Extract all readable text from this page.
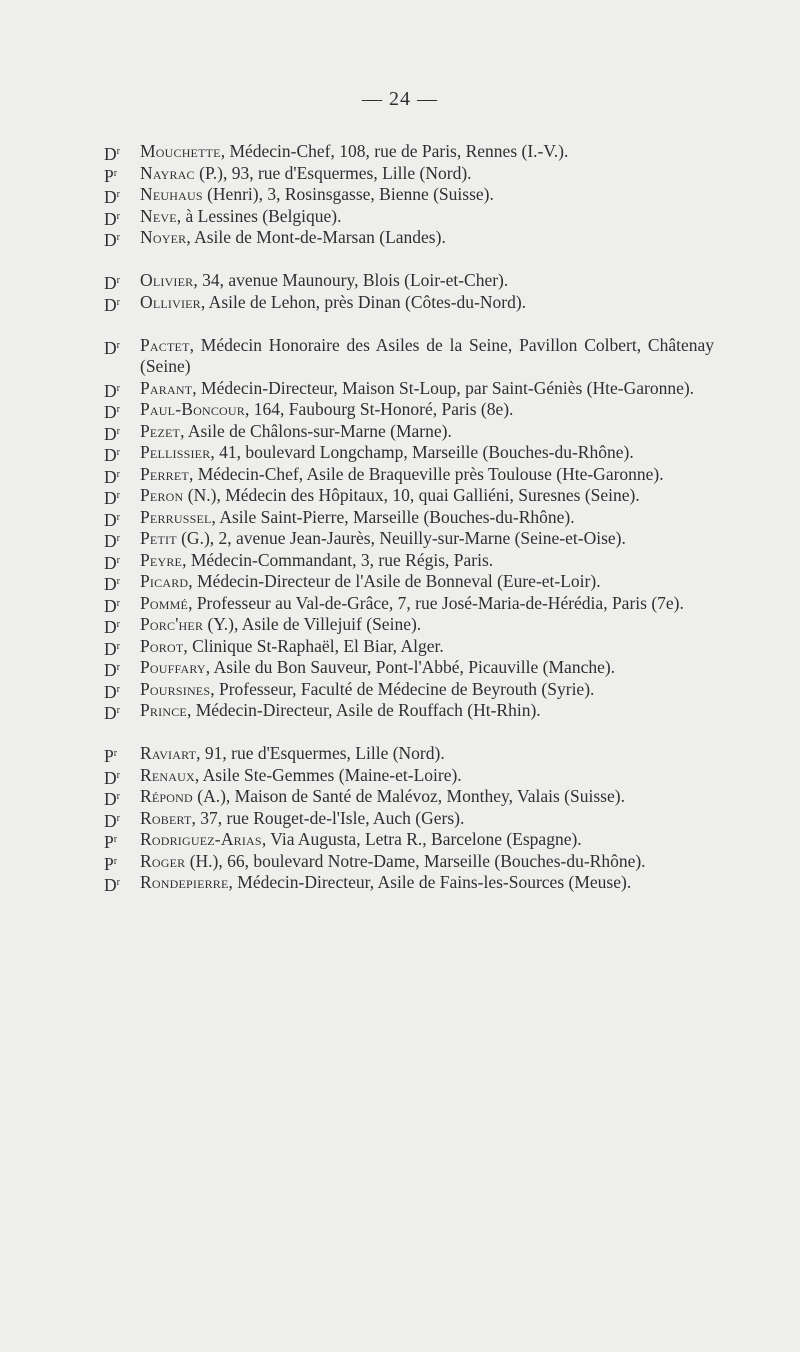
— 24 —
$D^r$ Mouchette, Médecin-Chef, 108, rue de Paris, Rennes (I.-V.).
$P^r$ Nayrac (P.), 93, rue d'Esquermes, Lille (Nord).
$D^r$ Neuhaus (Henri), 3, Rosinsgasse, Bienne (Suisse).
$D^r$ Neve, à Lessines (Belgique).
$D^r$ Noyer, Asile de Mont-de-Marsan (Landes).
$D^r$ Olivier, 34, avenue Maunoury, Blois (Loir-et-Cher).
$D^r$ Ollivier, Asile de Lehon, près Dinan (Côtes-du-Nord).
$D^r$ Pactet, Médecin Honoraire des Asiles de la Seine, Pavillon Colbert, Châtenay (Seine)
$D^r$ Parant, Médecin-Directeur, Maison St-Loup, par Saint-Géniès (Hte-Garonne).
$D^r$ Paul-Boncour, 164, Faubourg St-Honoré, Paris (8e).
$D^r$ Pezet, Asile de Châlons-sur-Marne (Marne).
$D^r$ Pellissier, 41, boulevard Longchamp, Marseille (Bouches-du-Rhône).
$D^r$ Perret, Médecin-Chef, Asile de Braqueville près Toulouse (Hte-Garonne).
$D^r$ Peron (N.), Médecin des Hôpitaux, 10, quai Galliéni, Suresnes (Seine).
$D^r$ Perrussel, Asile Saint-Pierre, Marseille (Bouches-du-Rhône).
$D^r$ Petit (G.), 2, avenue Jean-Jaurès, Neuilly-sur-Marne (Seine-et-Oise).
$D^r$ Peyre, Médecin-Commandant, 3, rue Régis, Paris.
$D^r$ Picard, Médecin-Directeur de l'Asile de Bonneval (Eure-et-Loir).
$D^r$ Pommé, Professeur au Val-de-Grâce, 7, rue José-Maria-de-Hérédia, Paris (7e).
$D^r$ Porc'her (Y.), Asile de Villejuif (Seine).
$D^r$ Porot, Clinique St-Raphaël, El Biar, Alger.
$D^r$ Pouffary, Asile du Bon Sauveur, Pont-l'Abbé, Picauville (Manche).
$D^r$ Poursines, Professeur, Faculté de Médecine de Beyrouth (Syrie).
$D^r$ Prince, Médecin-Directeur, Asile de Rouffach (Ht-Rhin).
$P^r$ Raviart, 91, rue d'Esquermes, Lille (Nord).
$D^r$ Renaux, Asile Ste-Gemmes (Maine-et-Loire).
$D^r$ Répond (A.), Maison de Santé de Malévoz, Monthey, Valais (Suisse).
$D^r$ Robert, 37, rue Rouget-de-l'Isle, Auch (Gers).
$P^r$ Rodriguez-Arias, Via Augusta, Letra R., Barcelone (Espagne).
$P^r$ Roger (H.), 66, boulevard Notre-Dame, Marseille (Bouches-du-Rhône).
$D^r$ Rondepierre, Médecin-Directeur, Asile de Fains-les-Sources (Meuse).
